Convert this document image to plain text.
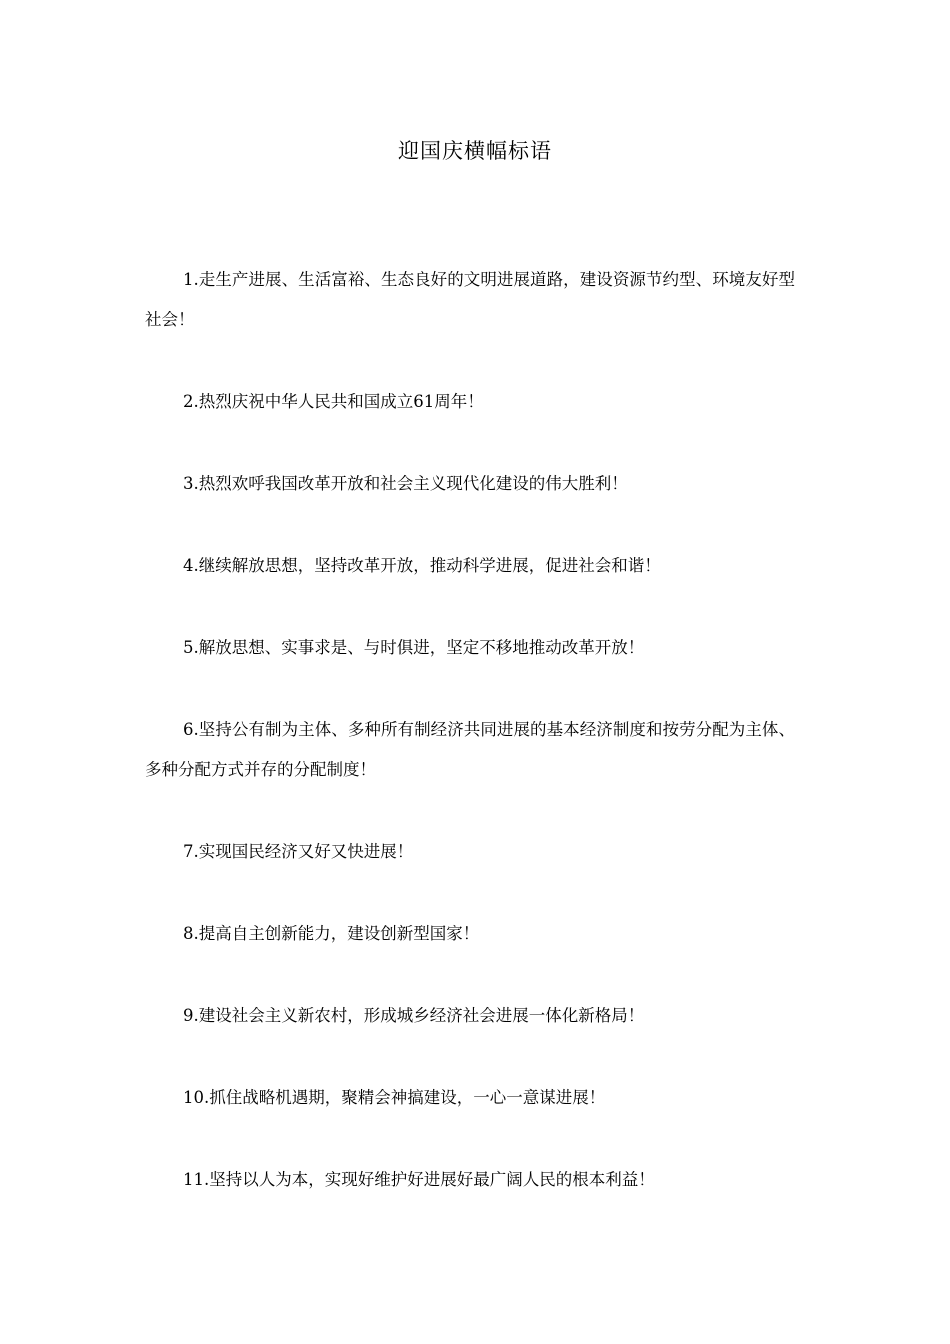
迎国庆横幅标语

1.走生产进展、生活富裕、生态良好的文明进展道路，建设资源节约型、环境友好型社会！

2.热烈庆祝中华人民共和国成立61周年！

3.热烈欢呼我国改革开放和社会主义现代化建设的伟大胜利！

4.继续解放思想，坚持改革开放，推动科学进展，促进社会和谐！

5.解放思想、实事求是、与时俱进，坚定不移地推动改革开放！

6.坚持公有制为主体、多种所有制经济共同进展的基本经济制度和按劳分配为主体、多种分配方式并存的分配制度！

7.实现国民经济又好又快进展！

8.提高自主创新能力，建设创新型国家！

9.建设社会主义新农村，形成城乡经济社会进展一体化新格局！

10.抓住战略机遇期，聚精会神搞建设，一心一意谋进展！

11.坚持以人为本，实现好维护好进展好最广阔人民的根本利益！
